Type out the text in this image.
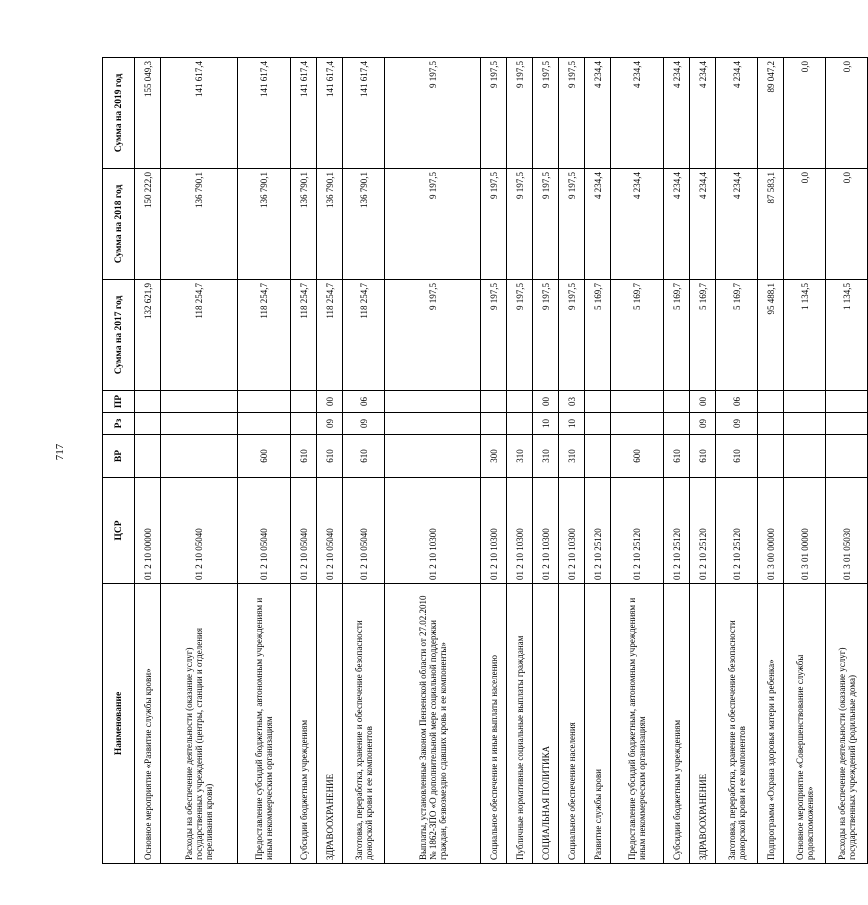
717
Наименование	ЦСР	ВР	Рз	ПР	Сумма на 2017 год	Сумма на 2018 год	Сумма на 2019 год
Основное мероприятие «Развитие службы крови»	01 2 10 00000				132 621,9	150 222,0	155 049,3
Расходы на обеспечение деятельности (оказание услуг) государственных учреждений (центры, станции и отделения переливания крови)	01 2 10 05040				118 254,7	136 790,1	141 617,4
Предоставление субсидий бюджетным, автономным учреждениям и иным некоммерческим организациям	01 2 10 05040	600			118 254,7	136 790,1	141 617,4
Субсидии бюджетным учреждениям	01 2 10 05040	610			118 254,7	136 790,1	141 617,4
ЗДРАВООХРАНЕНИЕ	01 2 10 05040	610	09	00	118 254,7	136 790,1	141 617,4
Заготовка, переработка, хранение и обеспечение безопасности донорской крови и ее компонентов	01 2 10 05040	610	09	06	118 254,7	136 790,1	141 617,4
Выплаты, установленные Законом Пензенской области от 27.02.2010 № 1862-ЗПО «О дополнительной мере социальной поддержки граждан, безвозмездно сдавших кровь и ее компоненты»	01 2 10 10300				9 197,5	9 197,5	9 197,5
Социальное обеспечение и иные выплаты населению	01 2 10 10300	300			9 197,5	9 197,5	9 197,5
Публичные нормативные социальные выплаты гражданам	01 2 10 10300	310			9 197,5	9 197,5	9 197,5
СОЦИАЛЬНАЯ ПОЛИТИКА	01 2 10 10300	310	10	00	9 197,5	9 197,5	9 197,5
Социальное обеспечение населения	01 2 10 10300	310	10	03	9 197,5	9 197,5	9 197,5
Развитие службы крови	01 2 10 25120				5 169,7	4 234,4	4 234,4
Предоставление субсидий бюджетным, автономным учреждениям и иным некоммерческим организациям	01 2 10 25120	600			5 169,7	4 234,4	4 234,4
Субсидии бюджетным учреждениям	01 2 10 25120	610			5 169,7	4 234,4	4 234,4
ЗДРАВООХРАНЕНИЕ	01 2 10 25120	610	09	00	5 169,7	4 234,4	4 234,4
Заготовка, переработка, хранение и обеспечение безопасности донорской крови и ее компонентов	01 2 10 25120	610	09	06	5 169,7	4 234,4	4 234,4
Подпрограмма «Охрана здоровья матери и ребенка»	01 3 00 00000				95 488,1	87 583,1	89 047,2
Основное мероприятие «Совершенствование службы родовспоможения»	01 3 01 00000				1 134,5	0,0	0,0
Расходы на обеспечение деятельности (оказание услуг) государственных учреждений (родильные дома)	01 3 01 05030				1 134,5	0,0	0,0
